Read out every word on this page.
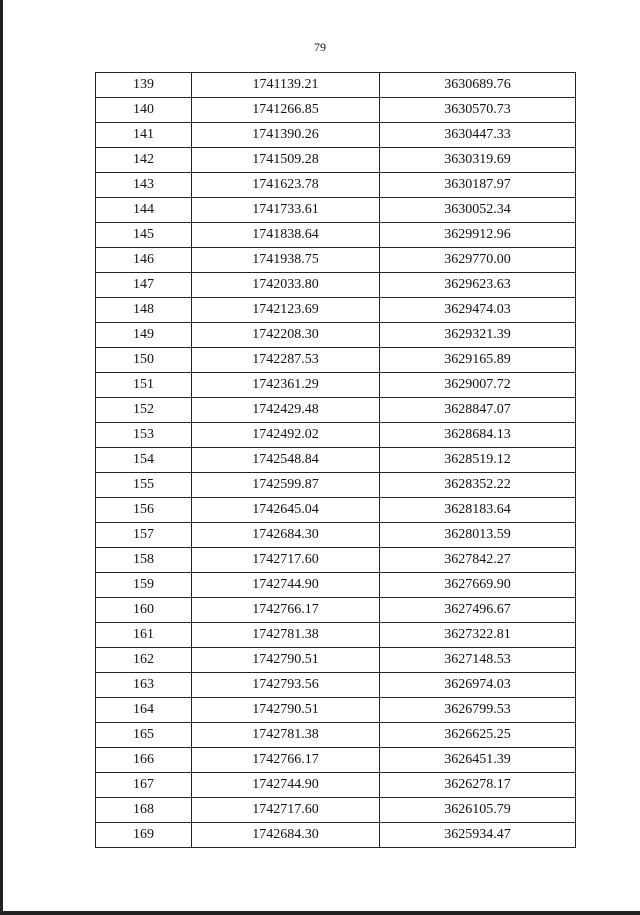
79
139	1741139.21	3630689.76
140	1741266.85	3630570.73
141	1741390.26	3630447.33
142	1741509.28	3630319.69
143	1741623.78	3630187.97
144	1741733.61	3630052.34
145	1741838.64	3629912.96
146	1741938.75	3629770.00
147	1742033.80	3629623.63
148	1742123.69	3629474.03
149	1742208.30	3629321.39
150	1742287.53	3629165.89
151	1742361.29	3629007.72
152	1742429.48	3628847.07
153	1742492.02	3628684.13
154	1742548.84	3628519.12
155	1742599.87	3628352.22
156	1742645.04	3628183.64
157	1742684.30	3628013.59
158	1742717.60	3627842.27
159	1742744.90	3627669.90
160	1742766.17	3627496.67
161	1742781.38	3627322.81
162	1742790.51	3627148.53
163	1742793.56	3626974.03
164	1742790.51	3626799.53
165	1742781.38	3626625.25
166	1742766.17	3626451.39
167	1742744.90	3626278.17
168	1742717.60	3626105.79
169	1742684.30	3625934.47
